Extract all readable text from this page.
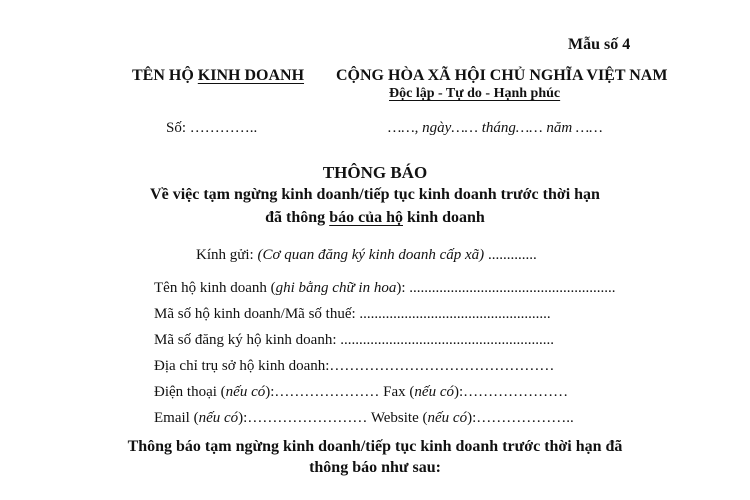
Mẫu số 4
TÊN HỘ KINH DOANH CỘNG HÒA XÃ HỘI CHỦ NGHĨA VIỆT NAM
Độc lập - Tự do - Hạnh phúc
Số: …………..	……, ngày…… tháng…… năm ……
THÔNG BÁO
Về việc tạm ngừng kinh doanh/tiếp tục kinh doanh trước thời hạn
đã thông báo của hộ kinh doanh
Kính gửi: (Cơ quan đăng ký kinh doanh cấp xã) .............
Tên hộ kinh doanh (ghi bằng chữ in hoa): .......................................................
Mã số hộ kinh doanh/Mã số thuế: ...................................................
Mã số đăng ký hộ kinh doanh: .........................................................
Địa chỉ trụ sở hộ kinh doanh:………………………………………
Điện thoại (nếu có):………………… Fax (nếu có):…………………
Email (nếu có):…………………… Website (nếu có):………………..
Thông báo tạm ngừng kinh doanh/tiếp tục kinh doanh trước thời hạn đã
thông báo như sau:
